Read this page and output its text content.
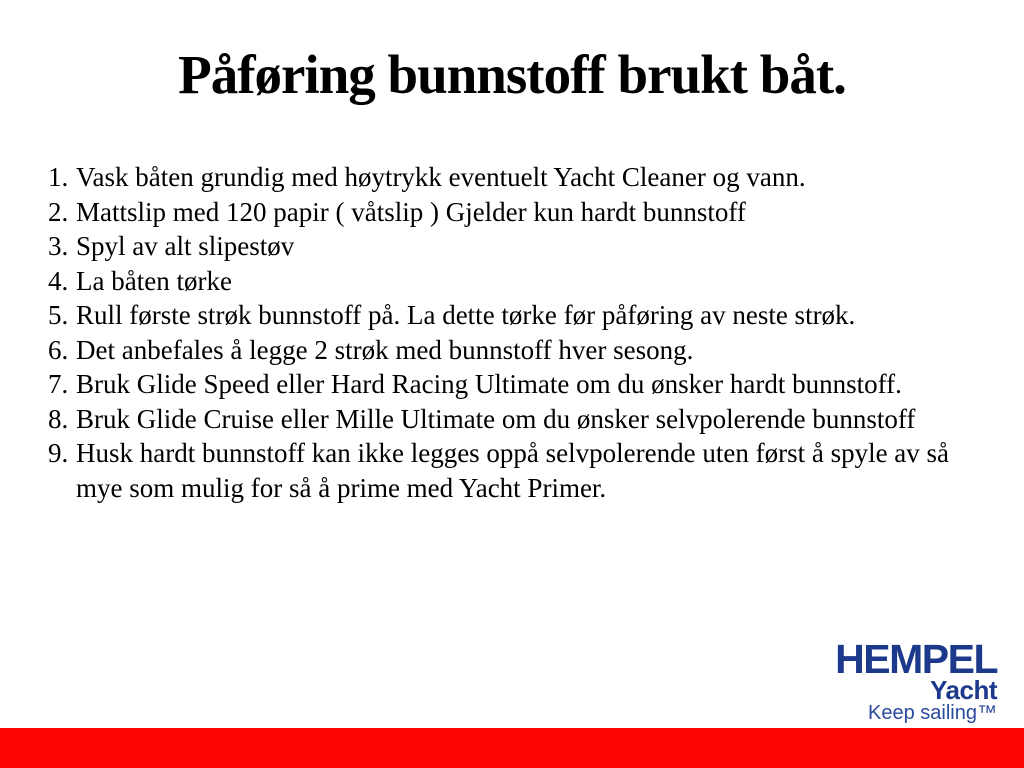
Påføring bunnstoff brukt båt.
Vask båten grundig med høytrykk eventuelt Yacht Cleaner og vann.
Mattslip med 120 papir ( våtslip ) Gjelder kun hardt bunnstoff
Spyl av alt slipestøv
La båten tørke
Rull første strøk bunnstoff på. La dette tørke før påføring av neste strøk.
Det anbefales å legge 2 strøk med bunnstoff hver sesong.
Bruk Glide Speed eller Hard Racing Ultimate om du ønsker hardt bunnstoff.
Bruk Glide Cruise eller Mille Ultimate om du ønsker selvpolerende bunnstoff
Husk hardt bunnstoff kan ikke legges oppå selvpolerende uten først å spyle av så mye som mulig for så å prime med Yacht Primer.
HEMPEL
Yacht
Keep sailing™
